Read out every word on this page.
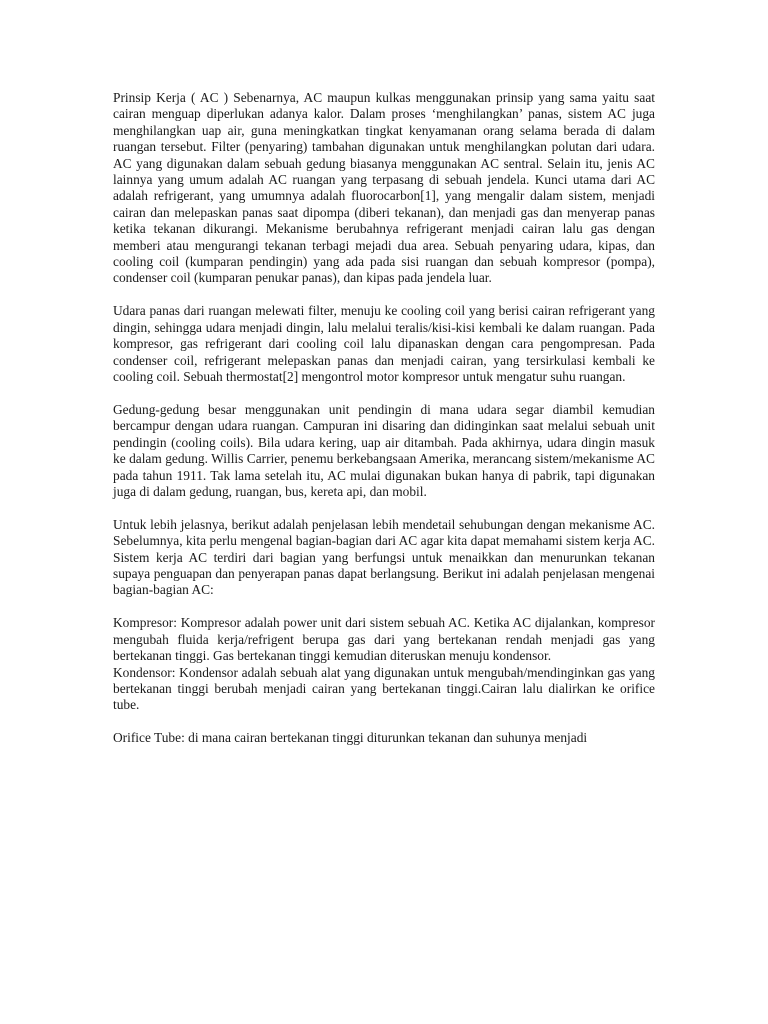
Prinsip Kerja ( AC ) Sebenarnya, AC maupun kulkas menggunakan prinsip yang sama yaitu saat cairan menguap diperlukan adanya kalor. Dalam proses ‘menghilangkan’ panas, sistem AC juga menghilangkan uap air, guna meningkatkan tingkat kenyamanan orang selama berada di dalam ruangan tersebut. Filter (penyaring) tambahan digunakan untuk menghilangkan polutan dari udara. AC yang digunakan dalam sebuah gedung biasanya menggunakan AC sentral. Selain itu, jenis AC lainnya yang umum adalah AC ruangan yang terpasang di sebuah jendela. Kunci utama dari AC adalah refrigerant, yang umumnya adalah fluorocarbon[1], yang mengalir dalam sistem, menjadi cairan dan melepaskan panas saat dipompa (diberi tekanan), dan menjadi gas dan menyerap panas ketika tekanan dikurangi. Mekanisme berubahnya refrigerant menjadi cairan lalu gas dengan memberi atau mengurangi tekanan terbagi mejadi dua area. Sebuah penyaring udara, kipas, dan cooling coil (kumparan pendingin) yang ada pada sisi ruangan dan sebuah kompresor (pompa), condenser coil (kumparan penukar panas), dan kipas pada jendela luar.

Udara panas dari ruangan melewati filter, menuju ke cooling coil yang berisi cairan refrigerant yang dingin, sehingga udara menjadi dingin, lalu melalui teralis/kisi-kisi kembali ke dalam ruangan. Pada kompresor, gas refrigerant dari cooling coil lalu dipanaskan dengan cara pengompresan. Pada condenser coil, refrigerant melepaskan panas dan menjadi cairan, yang tersirkulasi kembali ke cooling coil. Sebuah thermostat[2] mengontrol motor kompresor untuk mengatur suhu ruangan.

Gedung-gedung besar menggunakan unit pendingin di mana udara segar diambil kemudian bercampur dengan udara ruangan. Campuran ini disaring dan didinginkan saat melalui sebuah unit pendingin (cooling coils). Bila udara kering, uap air ditambah. Pada akhirnya, udara dingin masuk ke dalam gedung. Willis Carrier, penemu berkebangsaan Amerika, merancang sistem/mekanisme AC pada tahun 1911. Tak lama setelah itu, AC mulai digunakan bukan hanya di pabrik, tapi digunakan juga di dalam gedung, ruangan, bus, kereta api, dan mobil.

Untuk lebih jelasnya, berikut adalah penjelasan lebih mendetail sehubungan dengan mekanisme AC. Sebelumnya, kita perlu mengenal bagian-bagian dari AC agar kita dapat memahami sistem kerja AC. Sistem kerja AC terdiri dari bagian yang berfungsi untuk menaikkan dan menurunkan tekanan supaya penguapan dan penyerapan panas dapat berlangsung. Berikut ini adalah penjelasan mengenai bagian-bagian AC:

Kompresor: Kompresor adalah power unit dari sistem sebuah AC. Ketika AC dijalankan, kompresor mengubah fluida kerja/refrigent berupa gas dari yang bertekanan rendah menjadi gas yang bertekanan tinggi. Gas bertekanan tinggi kemudian diteruskan menuju kondensor.

Kondensor: Kondensor adalah sebuah alat yang digunakan untuk mengubah/mendinginkan gas yang bertekanan tinggi berubah menjadi cairan yang bertekanan tinggi.Cairan lalu dialirkan ke orifice tube.

Orifice Tube: di mana cairan bertekanan tinggi diturunkan tekanan dan suhunya menjadi
